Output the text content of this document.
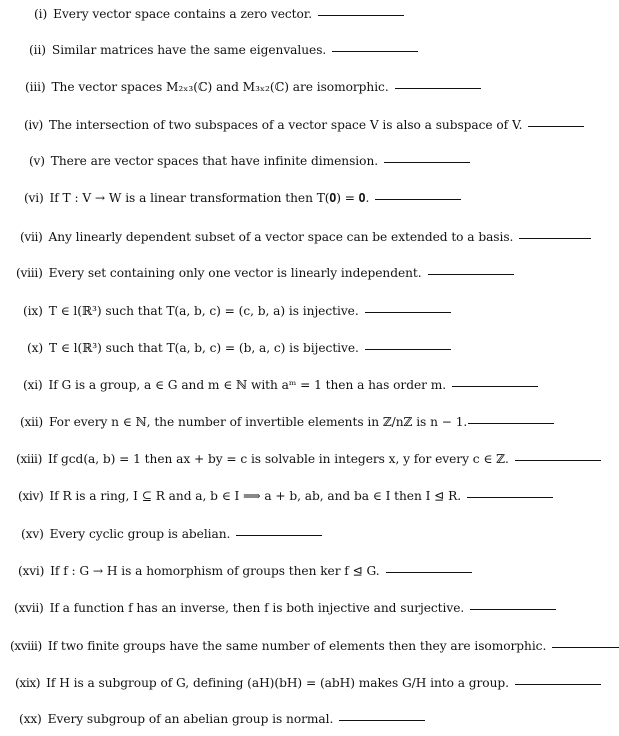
(i) Every vector space contains a zero vector.
(ii) Similar matrices have the same eigenvalues.
(iii) The vector spaces M₂ₓ₃(ℂ) and M₃ₓ₂(ℂ) are isomorphic.
(iv) The intersection of two subspaces of a vector space V is also a subspace of V.
(v) There are vector spaces that have infinite dimension.
(vi) If T : V → W is a linear transformation then T(𝟎) = 𝟎.
(vii) Any linearly dependent subset of a vector space can be extended to a basis.
(viii) Every set containing only one vector is linearly independent.
(ix) T ∈ l(ℝ³) such that T(a, b, c) = (c, b, a) is injective.
(x) T ∈ l(ℝ³) such that T(a, b, c) = (b, a, c) is bijective.
(xi) If G is a group, a ∈ G and m ∈ ℕ with aᵐ = 1 then a has order m.
(xii) For every n ∈ ℕ, the number of invertible elements in ℤ/nℤ is n − 1.
(xiii) If gcd(a, b) = 1 then ax + by = c is solvable in integers x, y for every c ∈ ℤ.
(xiv) If R is a ring, I ⊆ R and a, b ∈ I ⟹ a + b, ab, and ba ∈ I then I ⊴ R.
(xv) Every cyclic group is abelian.
(xvi) If f : G → H is a homorphism of groups then ker f ⊴ G.
(xvii) If a function f has an inverse, then f is both injective and surjective.
(xviii) If two finite groups have the same number of elements then they are isomorphic.
(xix) If H is a subgroup of G, defining (aH)(bH) = (abH) makes G/H into a group.
(xx) Every subgroup of an abelian group is normal.
